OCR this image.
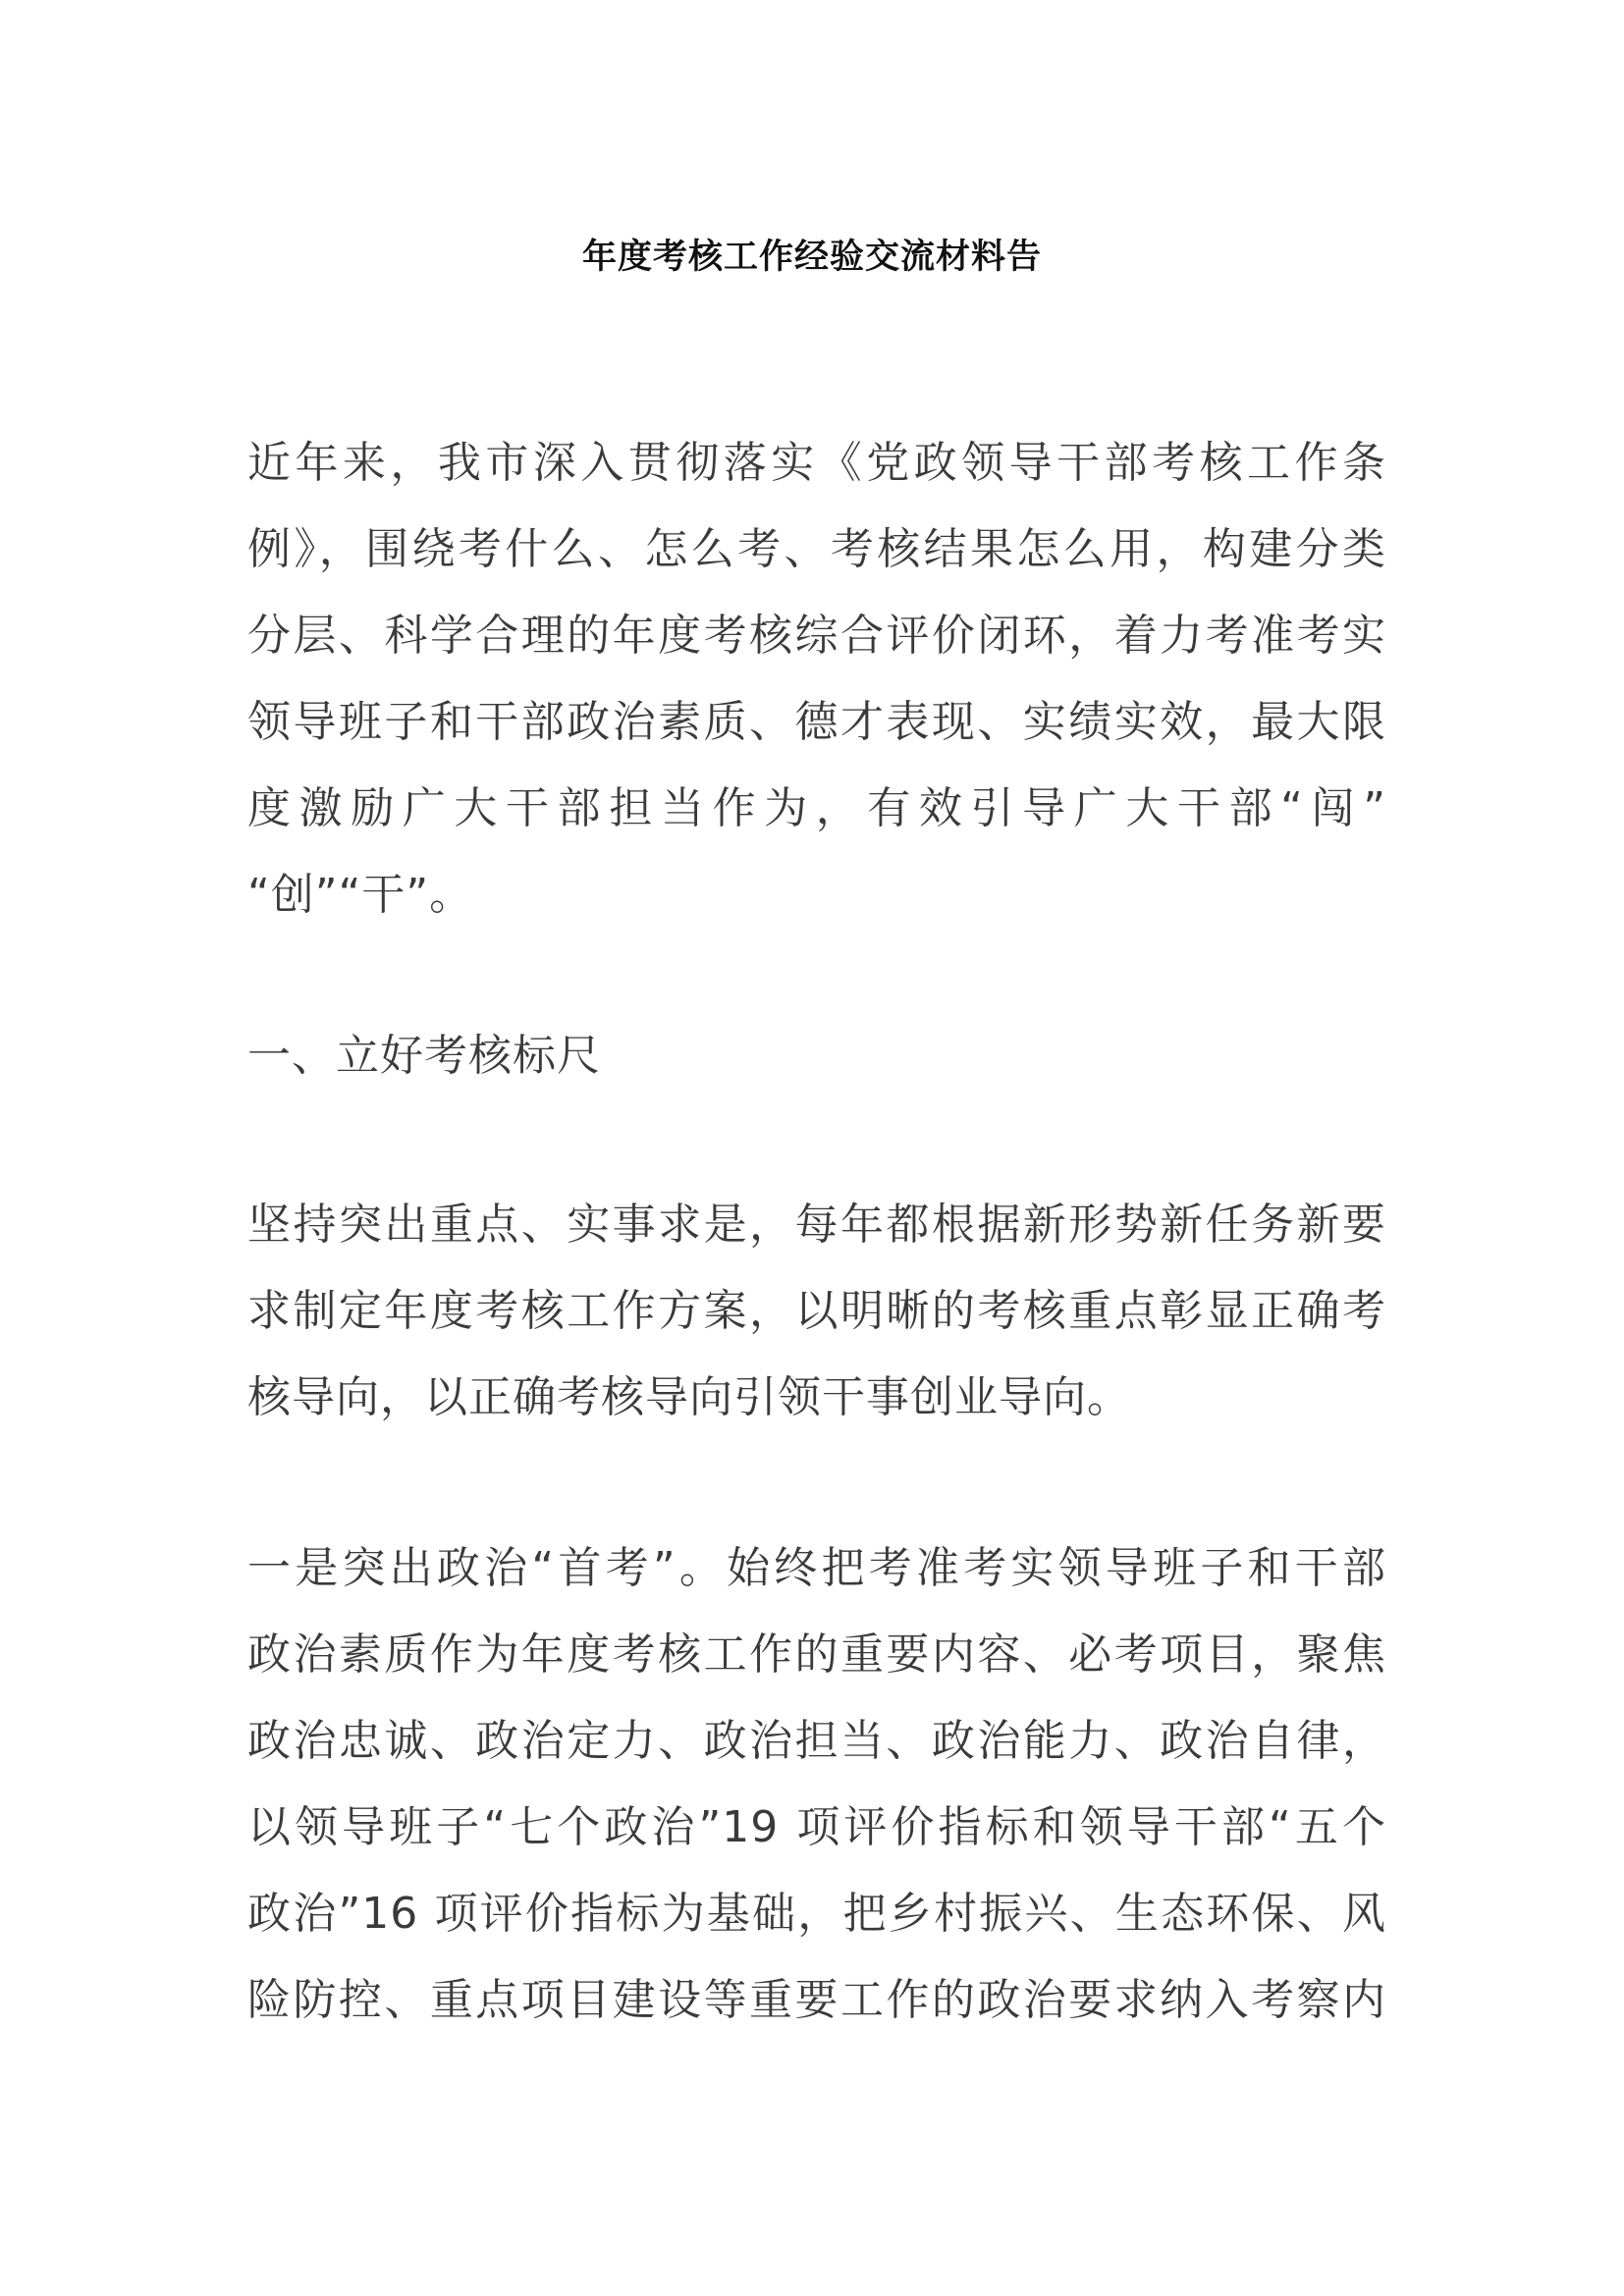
年度考核工作经验交流材料告
近年来，我市深入贯彻落实《党政领导干部考核工作条
例》，围绕考什么、怎么考、考核结果怎么用，构建分类
分层、科学合理的年度考核综合评价闭环，着力考准考实
领导班子和干部政治素质、德才表现、实绩实效，最大限
度激励广大干部担当作为，有效引导广大干部“闯”
“创”“干”。
一、立好考核标尺
坚持突出重点、实事求是，每年都根据新形势新任务新要
求制定年度考核工作方案，以明晰的考核重点彰显正确考
核导向，以正确考核导向引领干事创业导向。
一是突出政治“首考”。始终把考准考实领导班子和干部
政治素质作为年度考核工作的重要内容、必考项目，聚焦
政治忠诚、政治定力、政治担当、政治能力、政治自律，
以领导班子“七个政治”19 项评价指标和领导干部“五个
政治”16 项评价指标为基础，把乡村振兴、生态环保、风
险防控、重点项目建设等重要工作的政治要求纳入考察内
